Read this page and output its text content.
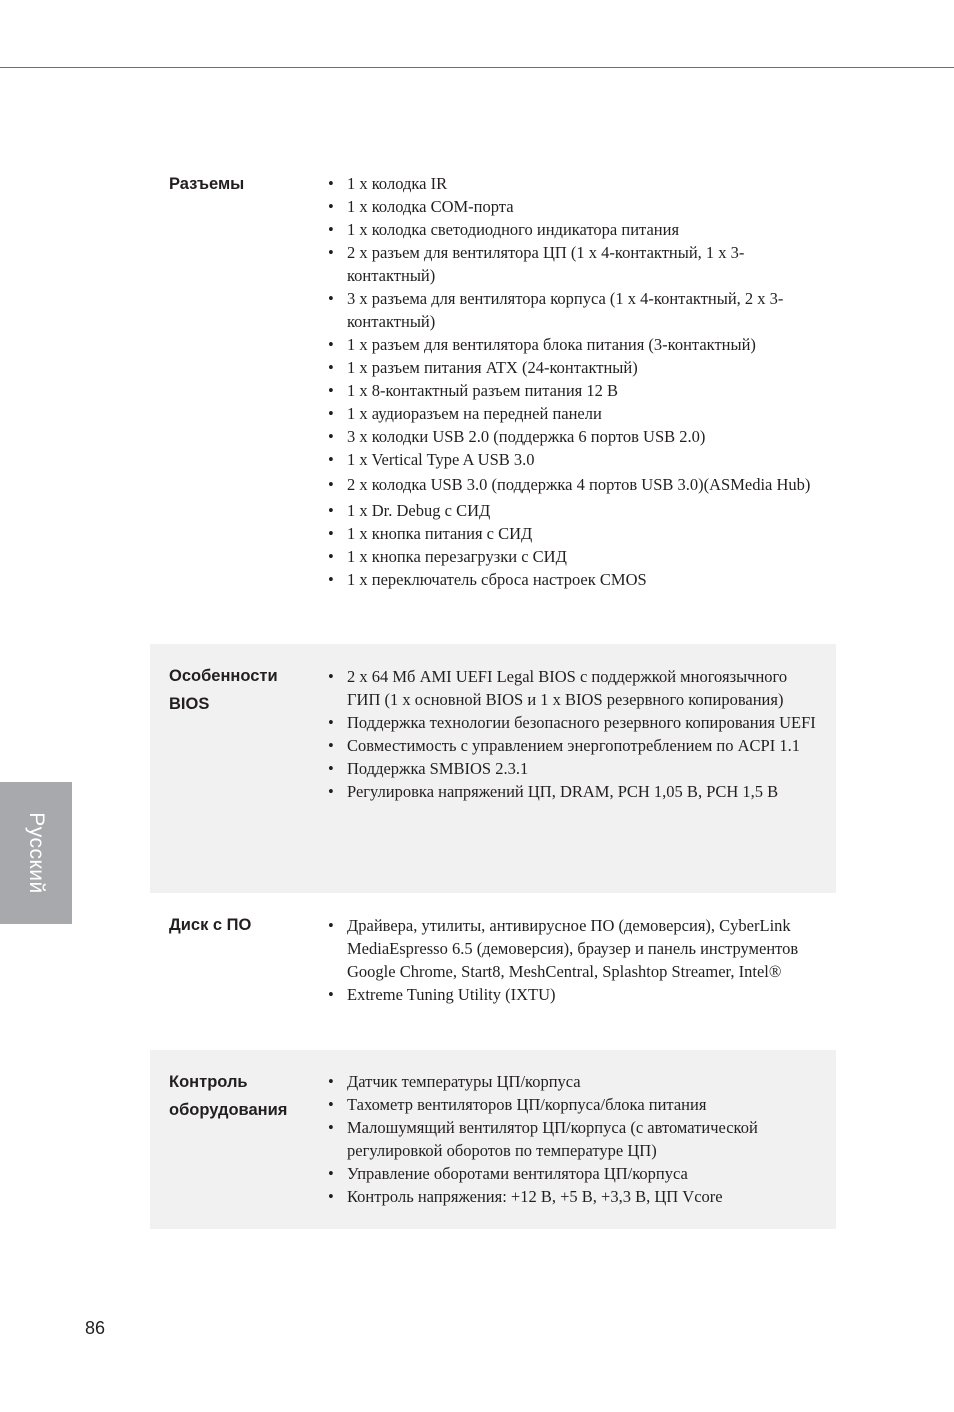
Русский
Разъемы	• 1 x колодка IR
• 1 x колодка COM-порта
• 1 x колодка светодиодного индикатора питания
• 2 x разъем для вентилятора ЦП (1 x 4-контактный, 1 x 3-контактный)
• 3 x разъема для вентилятора корпуса (1 x 4-контактный, 2 x 3-контактный)
• 1 x разъем для вентилятора блока питания (3-контактный)
• 1 x разъем питания ATX (24-контактный)
• 1 x 8-контактный разъем питания 12 В
• 1 x аудиоразъем на передней панели
• 3 x колодки USB 2.0 (поддержка 6 портов USB 2.0)
• 1 x Vertical Type A USB 3.0
• 2 x колодка USB 3.0 (поддержка 4 портов USB 3.0)(ASMedia Hub)
• 1 x Dr. Debug с СИД
• 1 x кнопка питания с СИД
• 1 x кнопка перезагрузки с СИД
• 1 x переключатель сброса настроек CMOS
Особенности
BIOS
• 2 x 64 Мб AMI UEFI Legal BIOS с поддержкой многоязычного ГИП (1 x основной BIOS и 1 x BIOS резервного копирования)
• Поддержка технологии безопасного резервного копирования UEFI
• Совместимость с управлением энергопотреблением по ACPI 1.1
• Поддержка SMBIOS 2.3.1
• Регулировка напряжений ЦП, DRAM, PCH 1,05 В, PCH 1,5 В
Диск с ПО	• Драйвера, утилиты, антивирусное ПО (демоверсия), CyberLink MediaEspresso 6.5 (демоверсия), браузер и панель инструментов Google Chrome, Start8, MeshCentral, Splashtop Streamer, Intel®
• Extreme Tuning Utility (IXTU)
Контроль
оборудования
• Датчик температуры ЦП/корпуса
• Тахометр вентиляторов ЦП/корпуса/блока питания
• Малошумящий вентилятор ЦП/корпуса (с автоматической регулировкой оборотов по температуре ЦП)
• Управление оборотами вентилятора ЦП/корпуса
• Контроль напряжения: +12 В, +5 В, +3,3 В, ЦП Vcore
86
